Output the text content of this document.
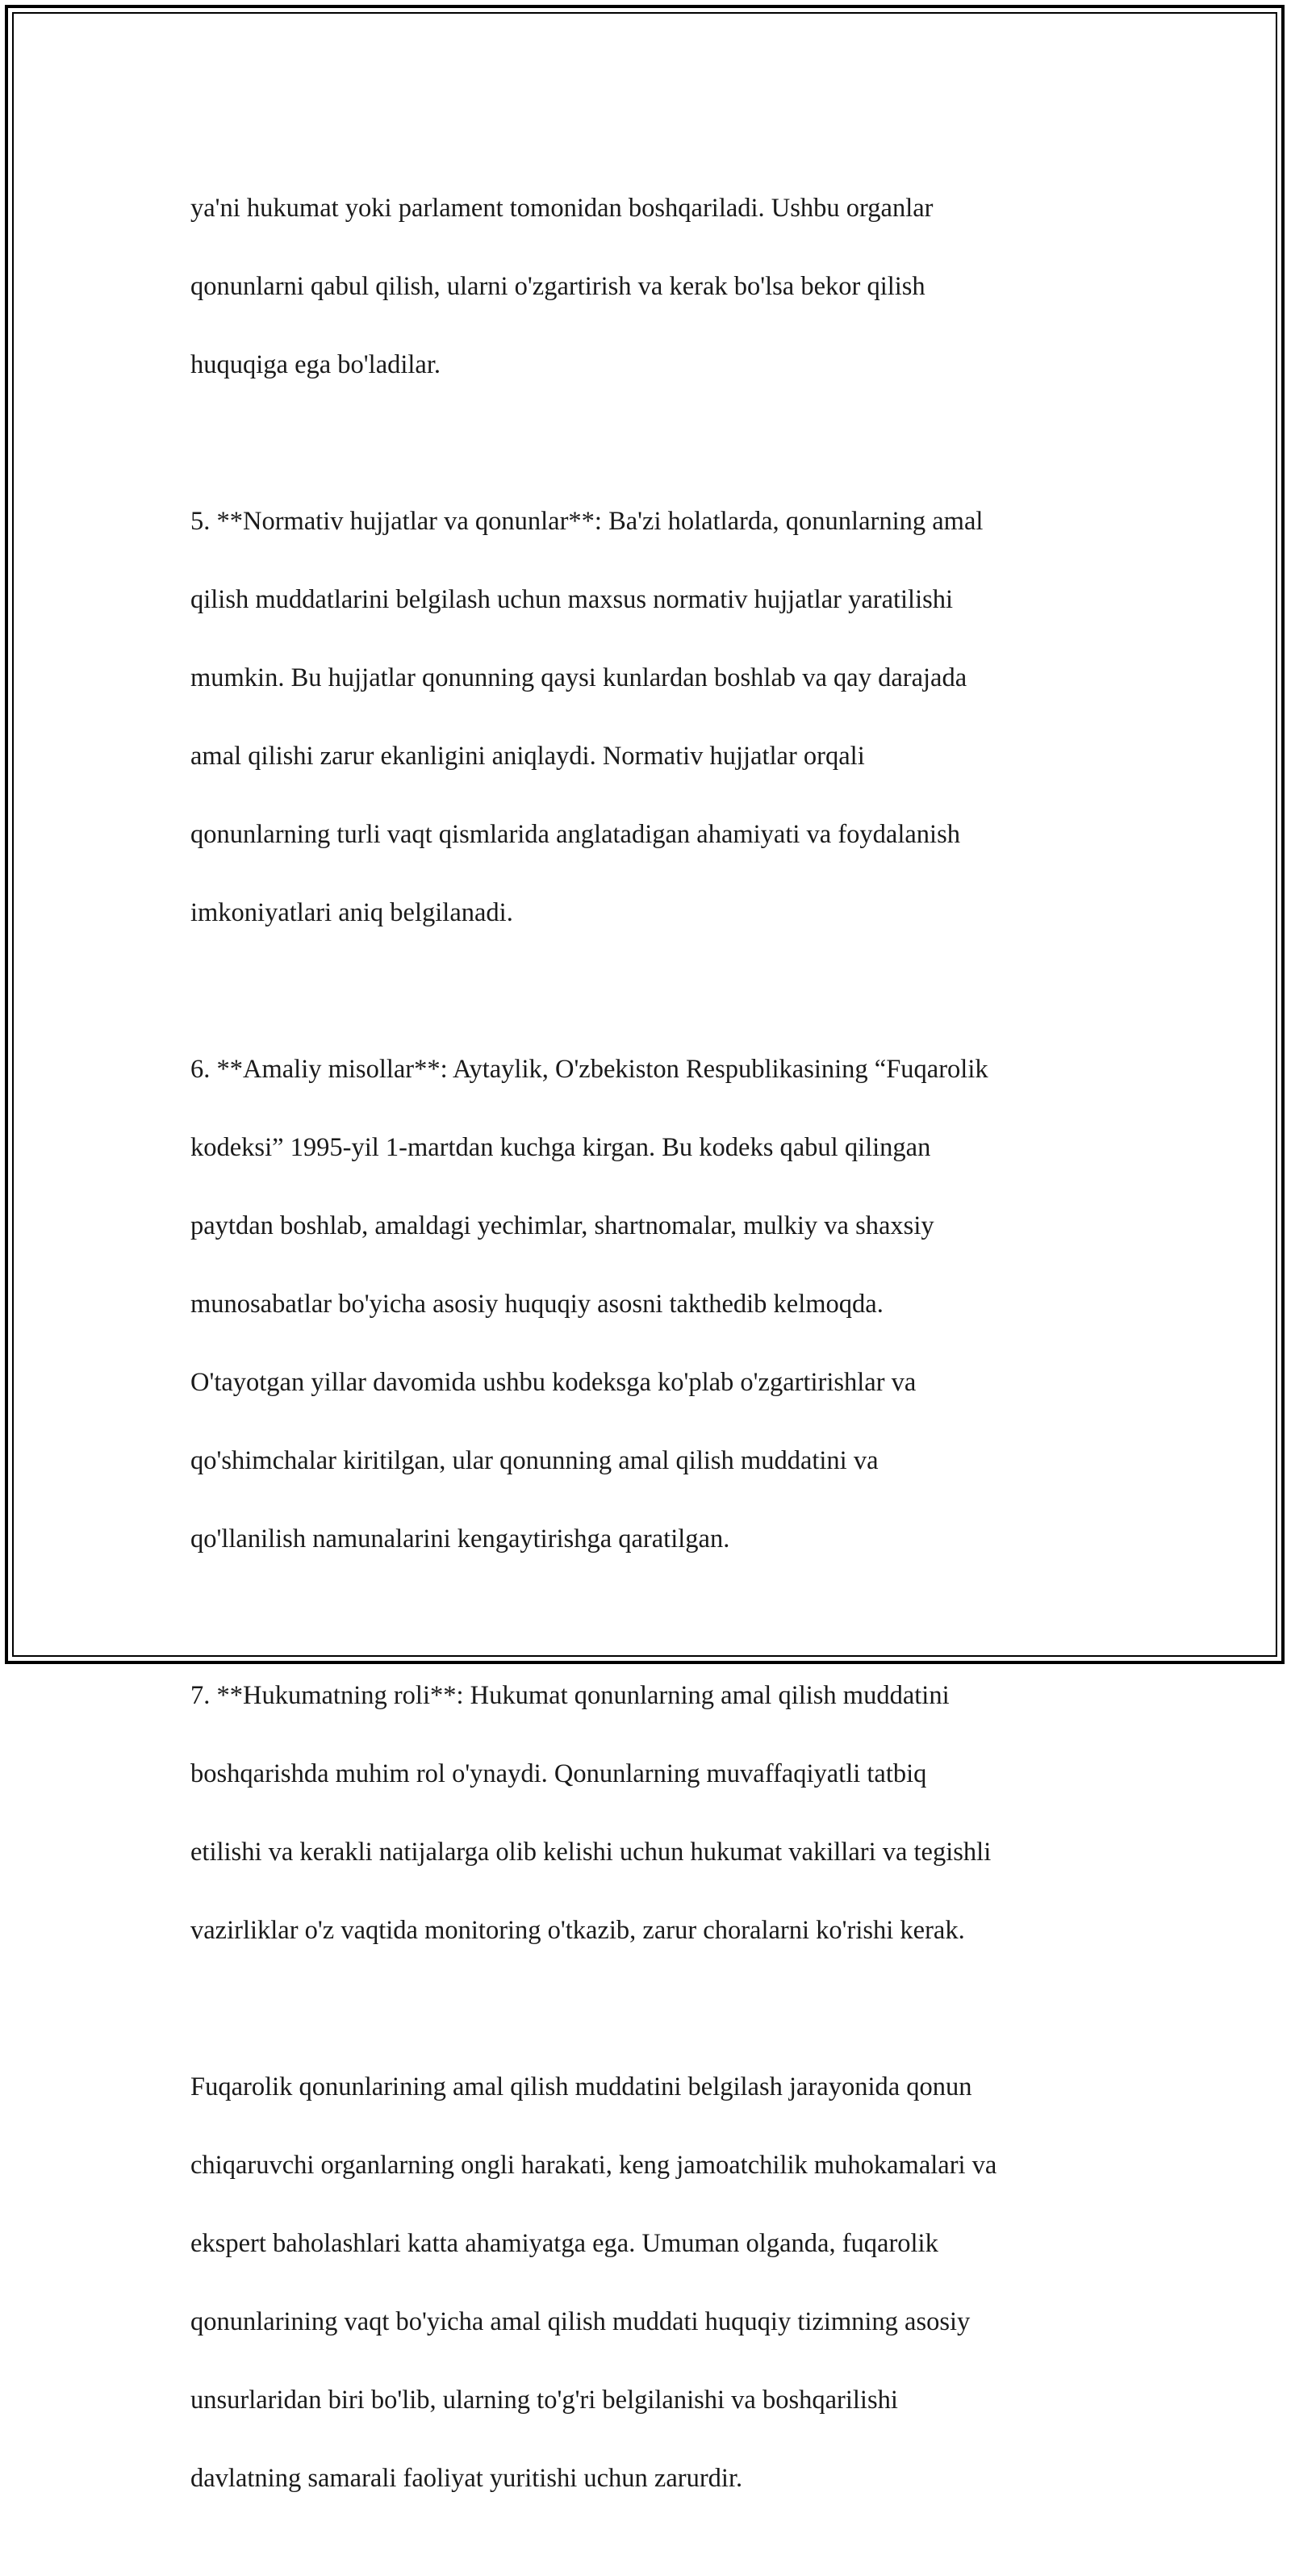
ya'ni hukumat yoki parlament tomonidan boshqariladi. Ushbu organlar

qonunlarni qabul qilish, ularni o'zgartirish va kerak bo'lsa bekor qilish

huquqiga ega bo'ladilar.

5. **Normativ hujjatlar va qonunlar**: Ba'zi holatlarda, qonunlarning amal

qilish muddatlarini belgilash uchun maxsus normativ hujjatlar yaratilishi

mumkin. Bu hujjatlar qonunning qaysi kunlardan boshlab va qay darajada

amal qilishi zarur ekanligini aniqlaydi. Normativ hujjatlar orqali

qonunlarning turli vaqt qismlarida anglatadigan ahamiyati va foydalanish

imkoniyatlari aniq belgilanadi.

6. **Amaliy misollar**: Aytaylik, O'zbekiston Respublikasining “Fuqarolik

kodeksi” 1995-yil 1-martdan kuchga kirgan. Bu kodeks qabul qilingan

paytdan boshlab, amaldagi yechimlar, shartnomalar, mulkiy va shaxsiy

munosabatlar bo'yicha asosiy huquqiy asosni takthedib kelmoqda.

O'tayotgan yillar davomida ushbu kodeksga ko'plab o'zgartirishlar va

qo'shimchalar kiritilgan, ular qonunning amal qilish muddatini va

qo'llanilish namunalarini kengaytirishga qaratilgan.

7. **Hukumatning roli**: Hukumat qonunlarning amal qilish muddatini

boshqarishda muhim rol o'ynaydi. Qonunlarning muvaffaqiyatli tatbiq

etilishi va kerakli natijalarga olib kelishi uchun hukumat vakillari va tegishli

vazirliklar o'z vaqtida monitoring o'tkazib, zarur choralarni ko'rishi kerak.

Fuqarolik qonunlarining amal qilish muddatini belgilash jarayonida qonun

chiqaruvchi organlarning ongli harakati, keng jamoatchilik muhokamalari va

ekspert baholashlari katta ahamiyatga ega. Umuman olganda, fuqarolik

qonunlarining vaqt bo'yicha amal qilish muddati huquqiy tizimning asosiy

unsurlaridan biri bo'lib, ularning to'g'ri belgilanishi va boshqarilishi

davlatning samarali faoliyat yuritishi uchun zarurdir.
